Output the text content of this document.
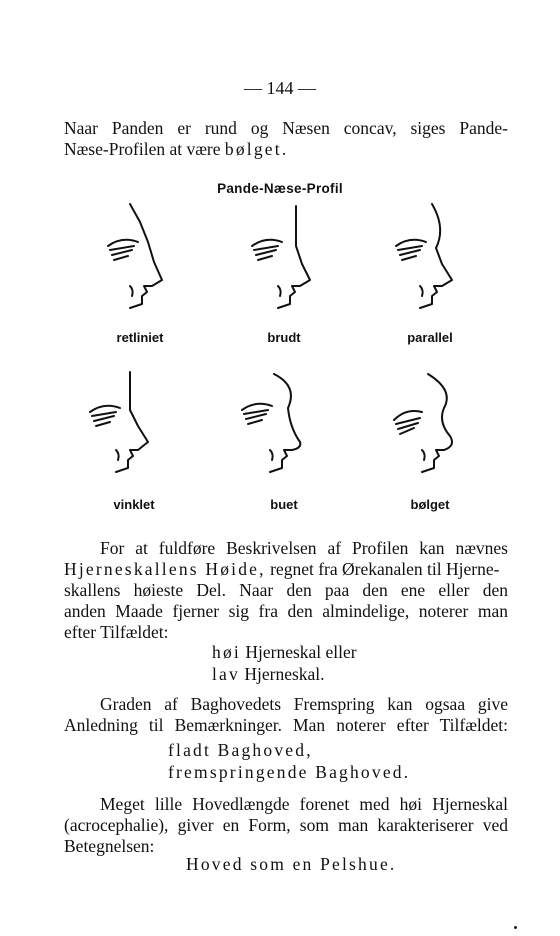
— 144 —
Naar Panden er rund og Næsen concav, siges Pande-
Næse-Profilen at være bølget.
Pande-Næse-Profil
retliniet	brudt	parallel
vinklet	buet	bølget
For at fuldføre Beskrivelsen af Profilen kan nævnes
Hjerneskallens Høide, regnet fra Ørekanalen til Hjerne-
skallens høieste Del. Naar den paa den ene eller den
anden Maade fjerner sig fra den almindelige, noterer man
efter Tilfældet:
høi Hjerneskal eller
lav Hjerneskal.
Graden af Baghovedets Fremspring kan ogsaa give
Anledning til Bemærkninger. Man noterer efter Tilfældet:
fladt Baghoved,
fremspringende Baghoved.
Meget lille Hovedlængde forenet med høi Hjerneskal
(acrocephalie), giver en Form, som man karakteriserer ved
Betegnelsen:
Hoved som en Pelshue.
